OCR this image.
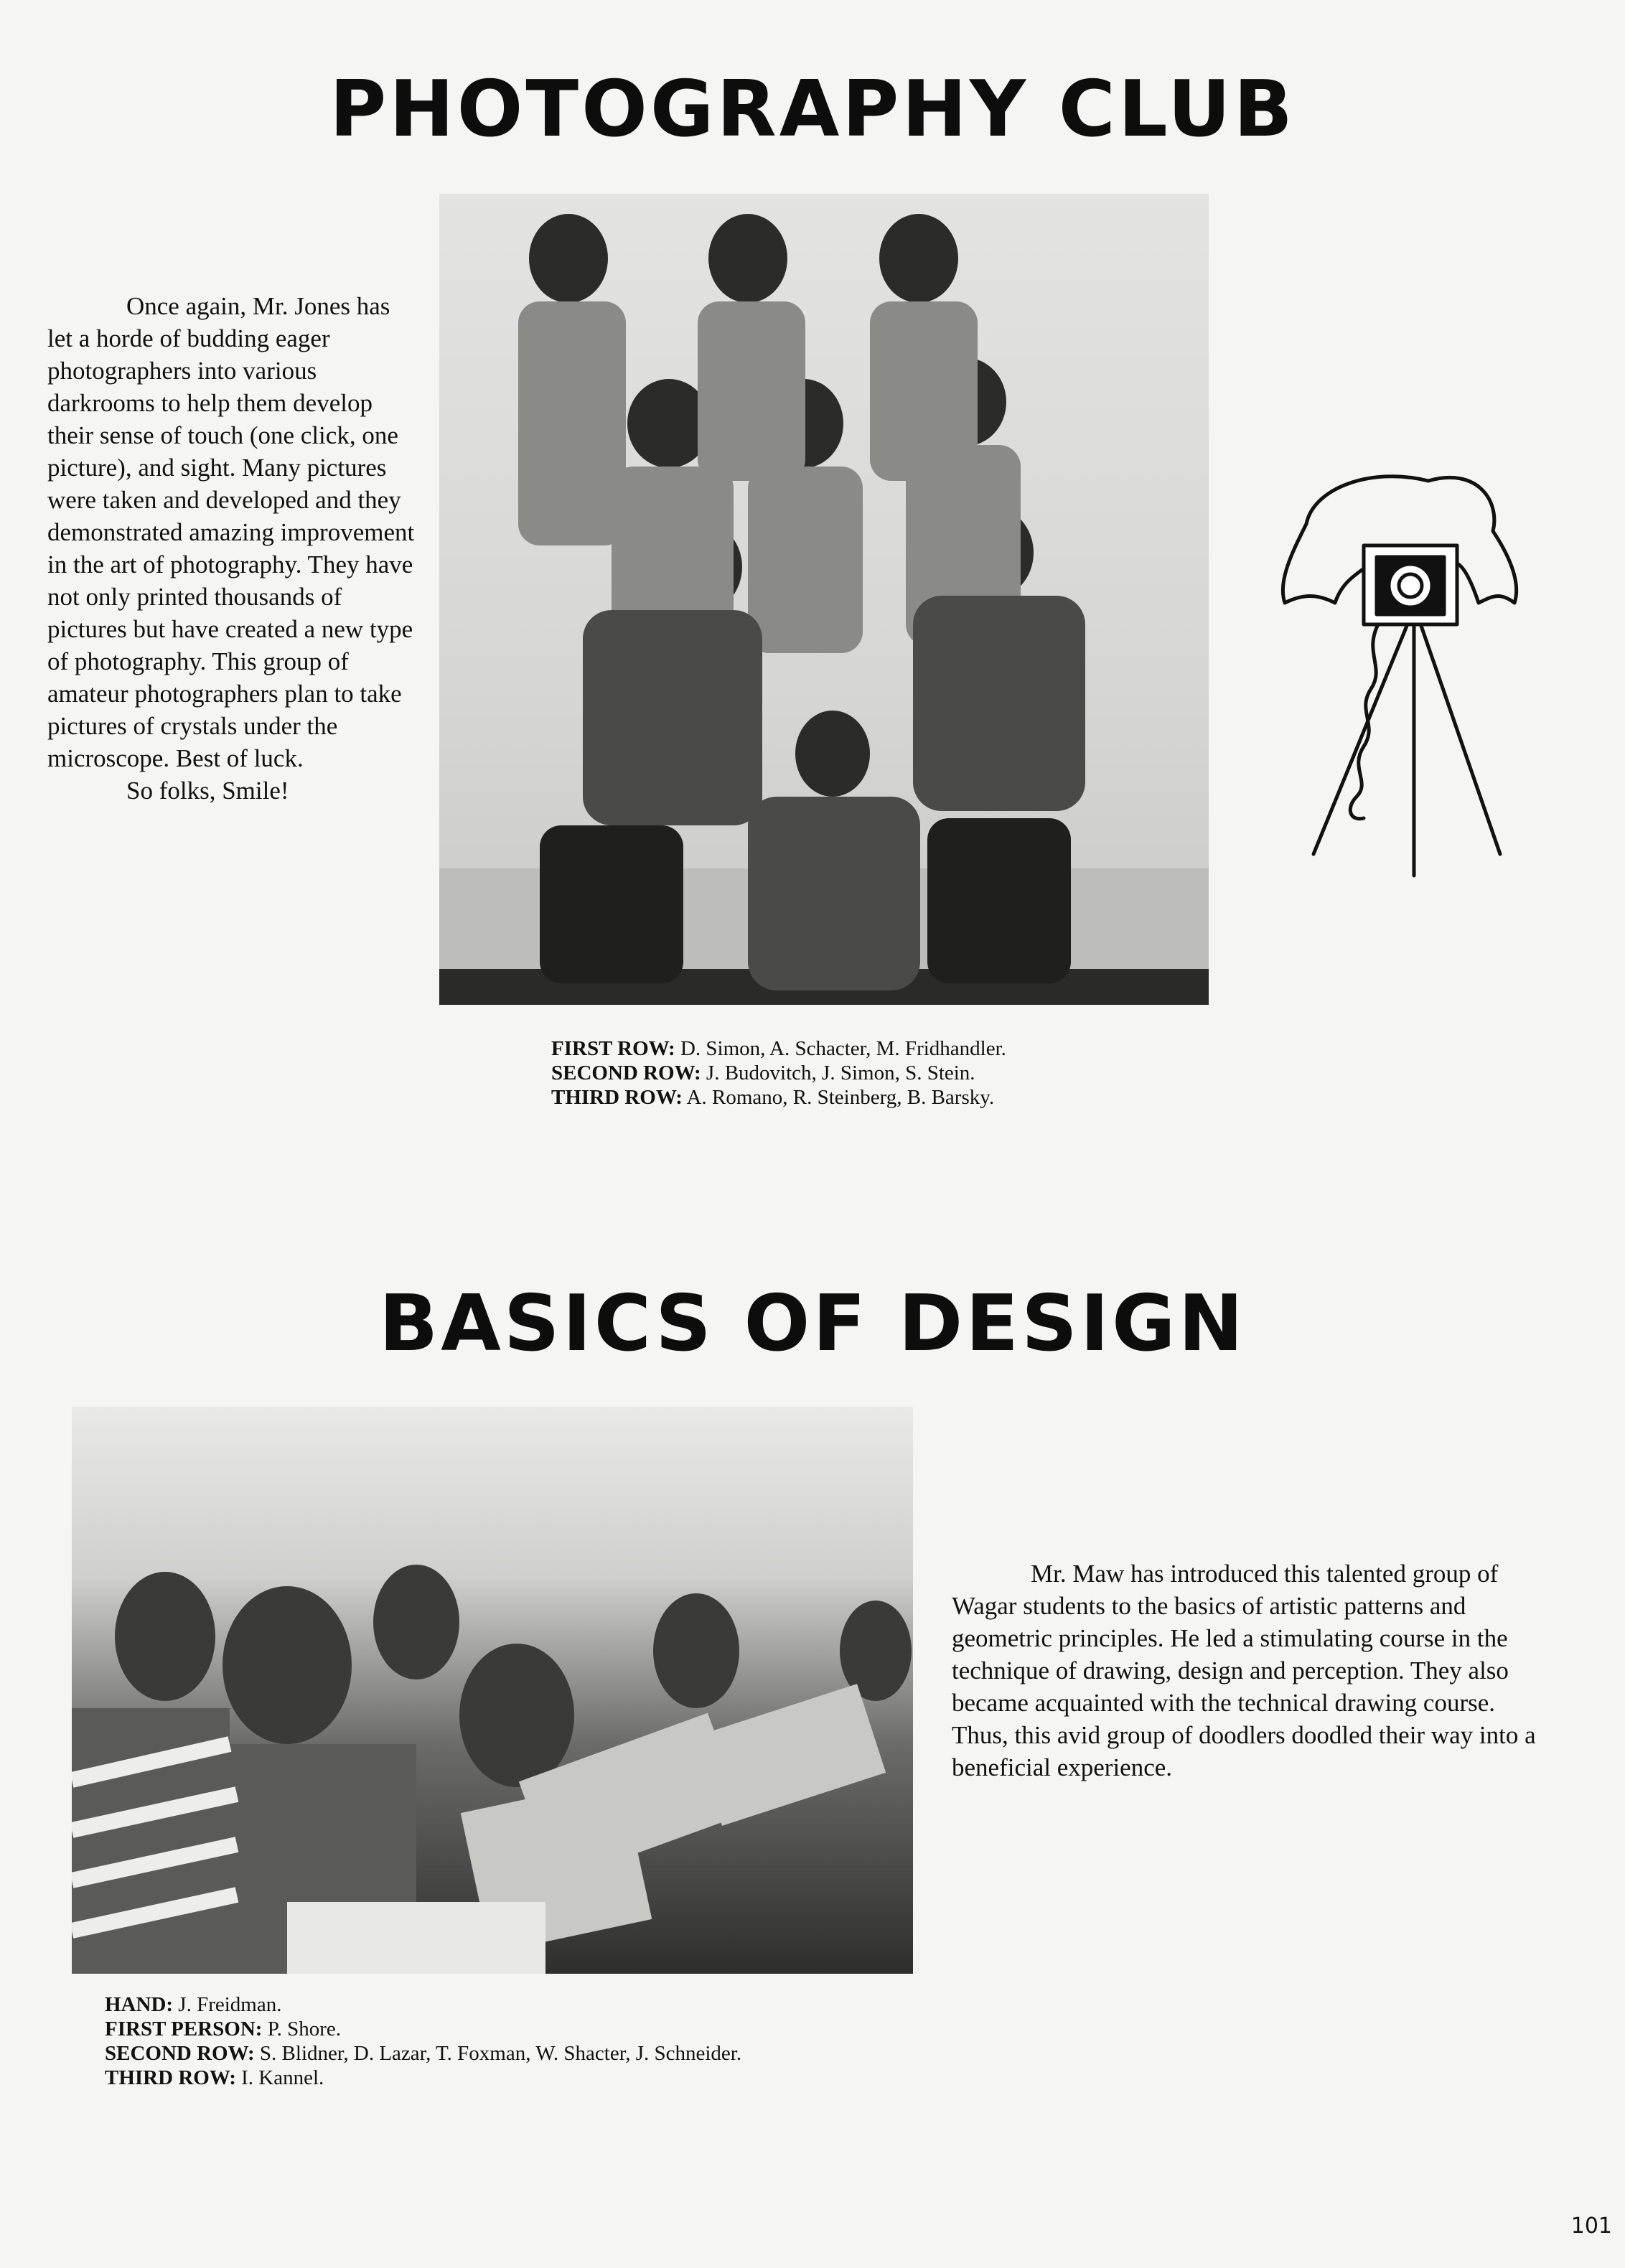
PHOTOGRAPHY CLUB

Once again, Mr. Jones has let a horde of budding eager photographers into various darkrooms to help them develop their sense of touch (one click, one picture), and sight. Many pictures were taken and developed and they demonstrated amazing improvement in the art of photography. They have not only printed thousands of pictures but have created a new type of photography. This group of amateur photographers plan to take pictures of crystals under the microscope. Best of luck.

So folks, Smile!

FIRST ROW: D. Simon, A. Schacter, M. Fridhandler.
SECOND ROW: J. Budovitch, J. Simon, S. Stein.
THIRD ROW: A. Romano, R. Steinberg, B. Barsky.
BASICS OF DESIGN

Mr. Maw has introduced this talented group of Wagar students to the basics of artistic patterns and geometric principles. He led a stimulating course in the technique of drawing, design and perception. They also became acquainted with the technical drawing course. Thus, this avid group of doodlers doodled their way into a beneficial experience.

HAND: J. Freidman.
FIRST PERSON: P. Shore.
SECOND ROW: S. Blidner, D. Lazar, T. Foxman, W. Shacter, J. Schneider.
THIRD ROW: I. Kannel.

101
